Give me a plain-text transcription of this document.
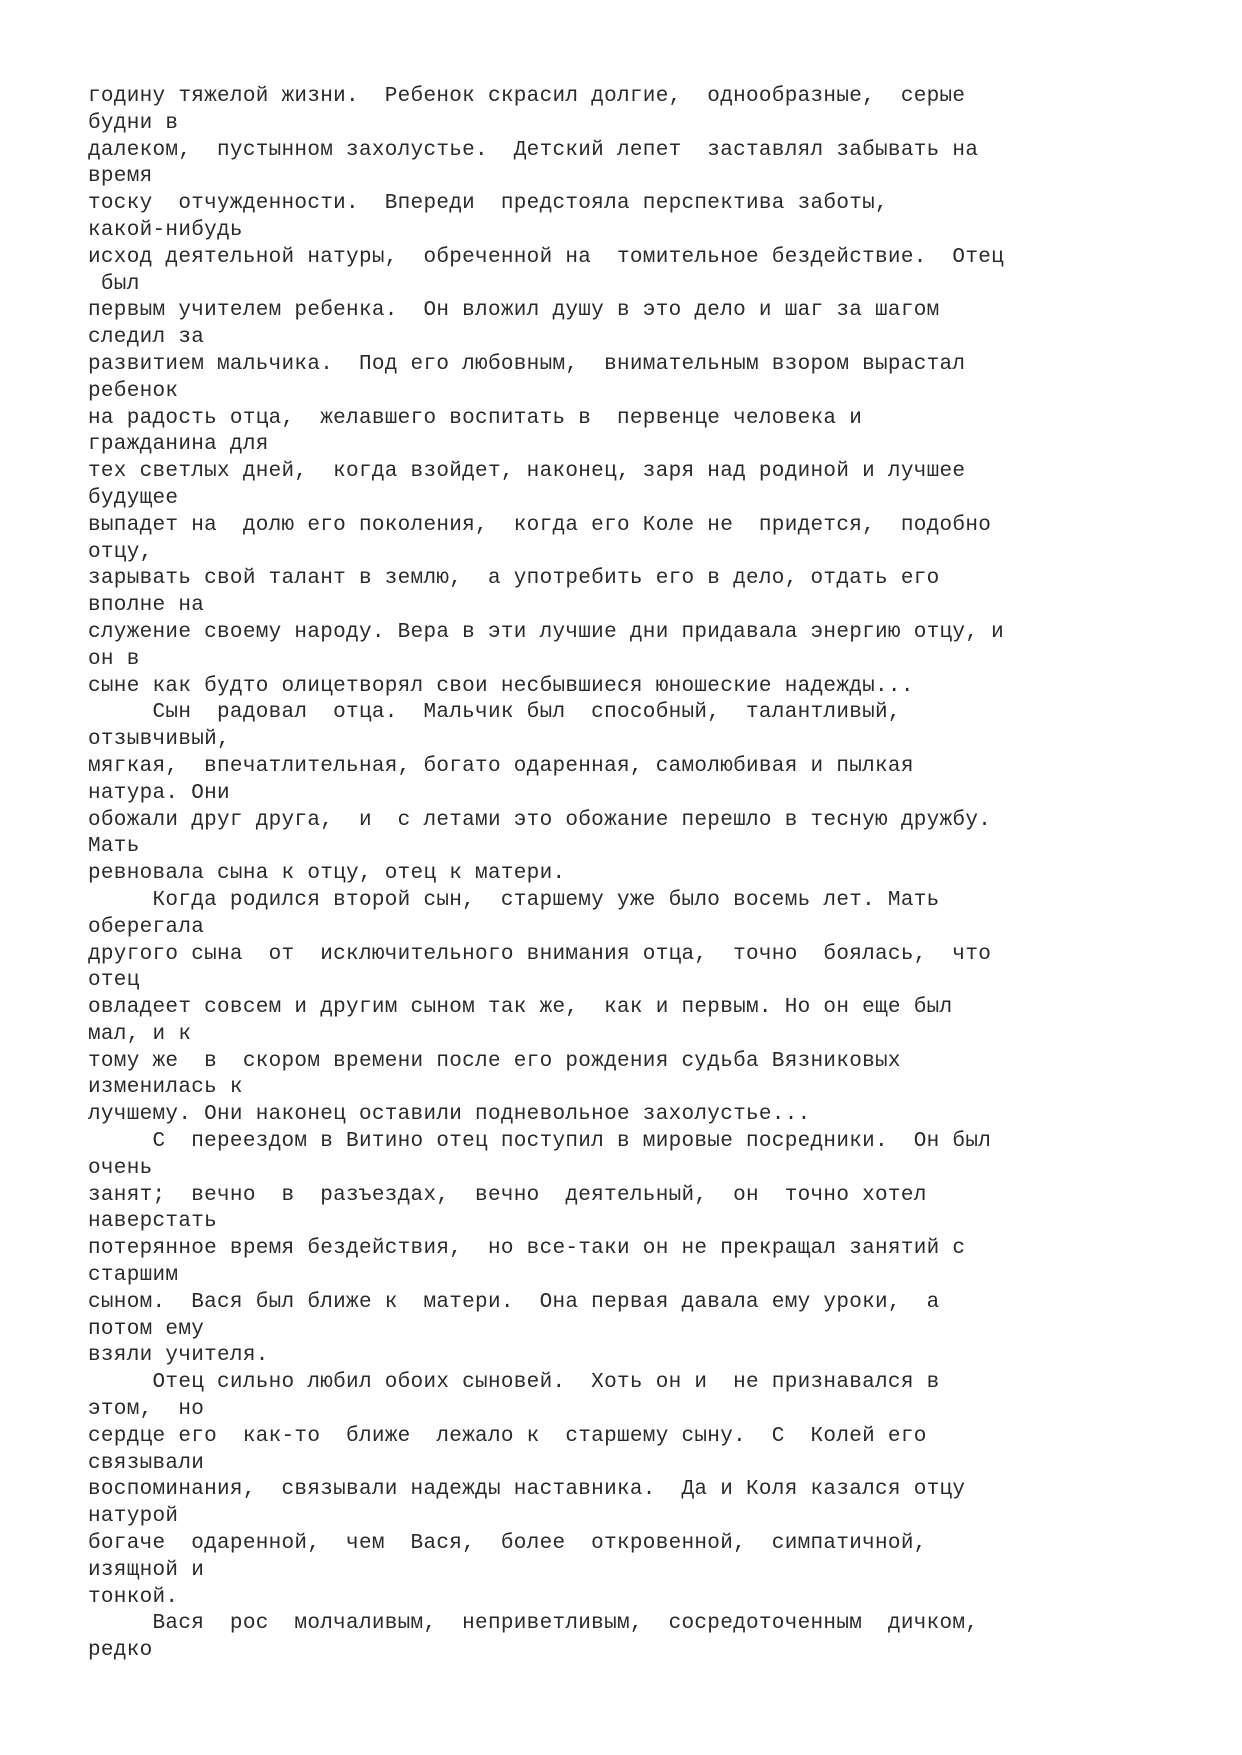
годину тяжелой жизни.  Ребенок скрасил долгие,  однообразные,  серые
будни в
далеком,  пустынном захолустье.  Детский лепет  заставлял забывать на
время
тоску  отчужденности.  Впереди  предстояла перспектива заботы,
какой-нибудь
исход деятельной натуры,  обреченной на  томительное бездействие.  Отец
был
первым учителем ребенка.  Он вложил душу в это дело и шаг за шагом
следил за
развитием мальчика.  Под его любовным,  внимательным взором вырастал
ребенок
на радость отца,  желавшего воспитать в  первенце человека и
гражданина для
тех светлых дней,  когда взойдет, наконец, заря над родиной и лучшее
будущее
выпадет на  долю его поколения,  когда его Коле не  придется,  подобно
отцу,
зарывать свой талант в землю,  а употребить его в дело, отдать его
вполне на
служение своему народу. Вера в эти лучшие дни придавала энергию отцу, и
он в
сыне как будто олицетворял свои несбывшиеся юношеские надежды...
Сын  радовал  отца.  Мальчик был  способный,  талантливый,
отзывчивый,
мягкая,  впечатлительная, богато одаренная, самолюбивая и пылкая
натура. Они
обожали друг друга,  и  с летами это обожание перешло в тесную дружбу.
Мать
ревновала сына к отцу, отец к матери.
Когда родился второй сын,  старшему уже было восемь лет. Мать
оберегала
другого сына  от  исключительного внимания отца,  точно  боялась,  что
отец
овладеет совсем и другим сыном так же,  как и первым. Но он еще был
мал, и к
тому же  в  скором времени после его рождения судьба Вязниковых
изменилась к
лучшему. Они наконец оставили подневольное захолустье...
С  переездом в Витино отец поступил в мировые посредники.  Он был
очень
занят;  вечно  в  разъездах,  вечно  деятельный,  он  точно хотел
наверстать
потерянное время бездействия,  но все-таки он не прекращал занятий с
старшим
сыном.  Вася был ближе к  матери.  Она первая давала ему уроки,  а
потом ему
взяли учителя.
Отец сильно любил обоих сыновей.  Хоть он и  не признавался в
этом,  но
сердце его  как-то  ближе  лежало к  старшему сыну.  С  Колей его
связывали
воспоминания,  связывали надежды наставника.  Да и Коля казался отцу
натурой
богаче  одаренной,  чем  Вася,  более  откровенной,  симпатичной,
изящной и
тонкой.
Вася  рос  молчаливым,  неприветливым,  сосредоточенным  дичком,
редко
